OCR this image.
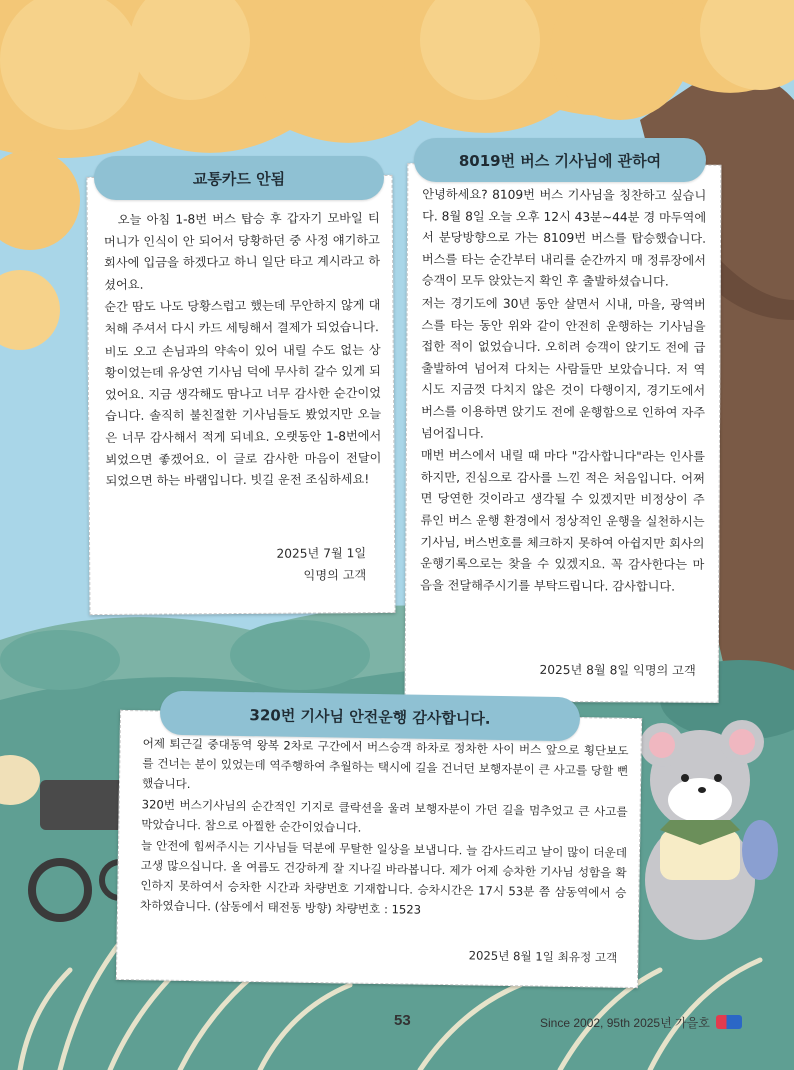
오늘 아침 1-8번 버스 탑승 후 갑자기 모바일 티머니가 인식이 안 되어서 당황하던 중 사정 얘기하고 회사에 입금을 하겠다고 하니 일단 타고 계시라고 하셨어요.

순간 땀도 나도 당황스럽고 했는데 무안하지 않게 대처해 주셔서 다시 카드 세팅해서 결제가 되었습니다.

비도 오고 손님과의 약속이 있어 내릴 수도 없는 상황이었는데 유상연 기사님 덕에 무사히 갈수 있게 되었어요. 지금 생각해도 땀나고 너무 감사한 순간이었습니다. 솔직히 불친절한 기사님들도 봤었지만 오늘은 너무 감사해서 적게 되네요. 오랫동안 1-8번에서 뵈었으면 좋겠어요. 이 글로 감사한 마음이 전달이 되었으면 하는 바램입니다. 빗길 운전 조심하세요!

2025년 7월 1일
익명의 고객
교통카드 안됨

안녕하세요? 8109번 버스 기사님을 칭찬하고 싶습니다. 8월 8일 오늘 오후 12시 43분~44분 경 마두역에서 분당방향으로 가는 8109번 버스를 탑승했습니다. 버스를 타는 순간부터 내리를 순간까지 매 정류장에서 승객이 모두 앉았는지 확인 후 출발하셨습니다.

저는 경기도에 30년 동안 살면서 시내, 마을, 광역버스를 타는 동안 위와 같이 안전히 운행하는 기사님을 접한 적이 없었습니다. 오히려 승객이 앉기도 전에 급출발하여 넘어져 다치는 사람들만 보았습니다. 저 역시도 지금껏 다치지 않은 것이 다행이지, 경기도에서 버스를 이용하면 앉기도 전에 운행함으로 인하여 자주 넘어집니다.

매번 버스에서 내릴 때 마다 "감사합니다"라는 인사를 하지만, 진심으로 감사를 느낀 적은 처음입니다. 어쩌면 당연한 것이라고 생각될 수 있겠지만 비정상이 주류인 버스 운행 환경에서 정상적인 운행을 실천하시는 기사님, 버스번호를 체크하지 못하여 아쉽지만 회사의 운행기록으로는 찾을 수 있겠지요. 꼭 감사한다는 마음을 전달해주시기를 부탁드립니다. 감사합니다.

2025년 8월 8일 익명의 고객
8019번 버스 기사님에 관하여

어제 퇴근길 중대동역 왕복 2차로 구간에서 버스승객 하차로 정차한 사이 버스 앞으로 횡단보도를 건너는 분이 있었는데 역주행하여 추월하는 택시에 길을 건너던 보행자분이 큰 사고를 당할 뻔했습니다.

320번 버스기사님의 순간적인 기지로 클락션을 울려 보행자분이 가던 길을 멈추었고 큰 사고를 막았습니다. 참으로 아찔한 순간이었습니다.

늘 안전에 힘써주시는 기사님들 덕분에 무탈한 일상을 보냅니다. 늘 감사드리고 날이 많이 더운데 고생 많으십니다. 올 여름도 건강하게 잘 지나길 바라봅니다. 제가 어제 승차한 기사님 성함을 확인하지 못하여서 승차한 시간과 차량번호 기재합니다. 승차시간은 17시 53분 쯤 삼동역에서 승차하였습니다. (삼동에서 태전동 방향) 차량번호 : 1523

2025년 8월 1일 최유정 고객
320번 기사님 안전운행 감사합니다.
53	Since 2002, 95th 2025년 가을호
